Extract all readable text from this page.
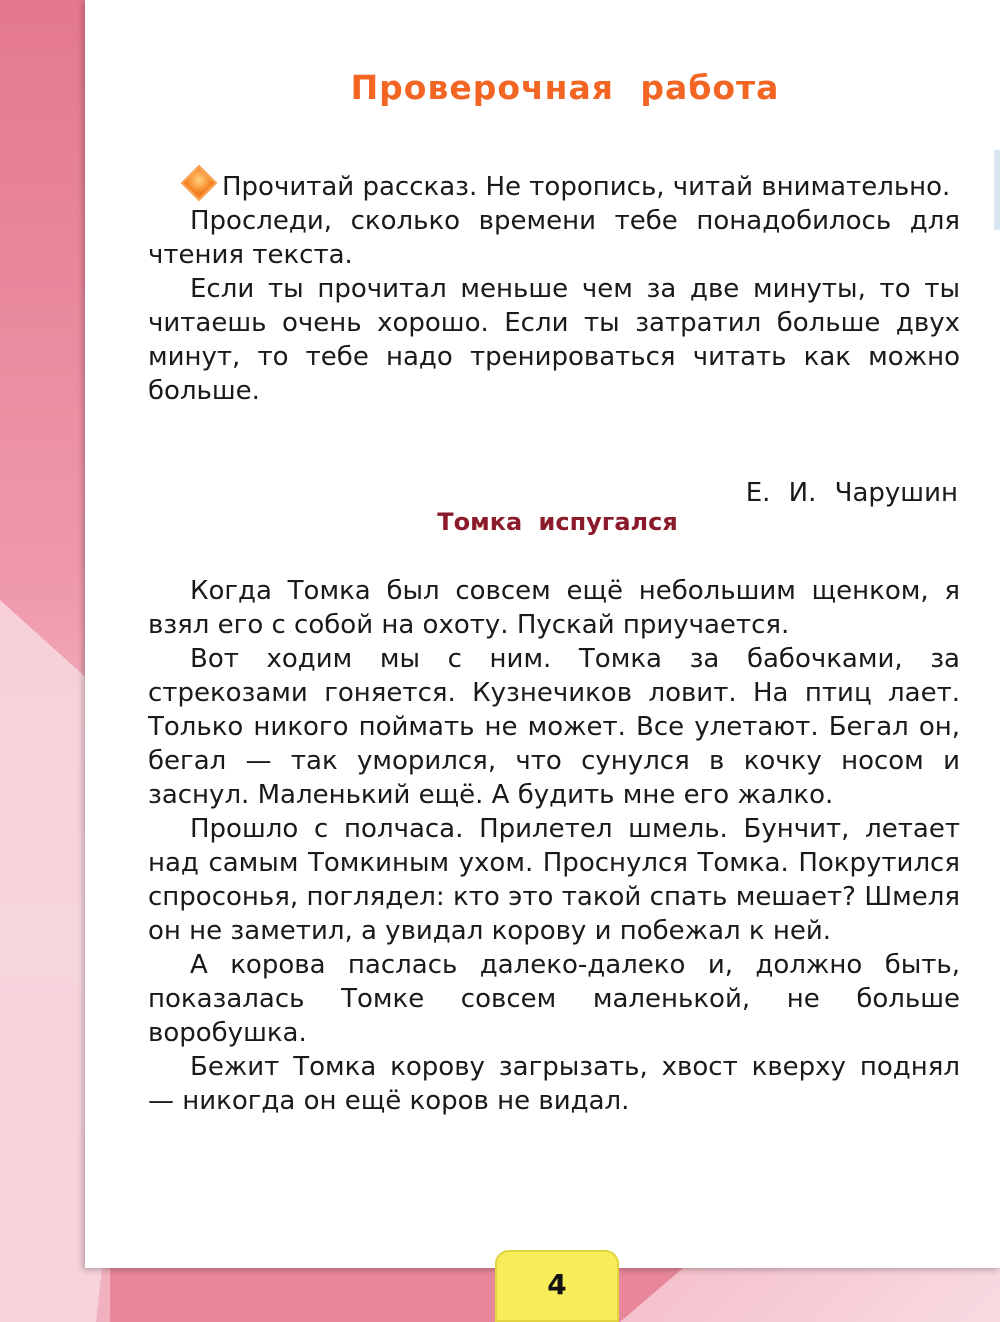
Проверочная работа

Прочитай рассказ. Не торопись, читай внимательно.

Проследи, сколько времени тебе понадобилось для чтения текста.

Если ты прочитал меньше чем за две минуты, то ты читаешь очень хорошо. Если ты затратил больше двух минут, то тебе надо тренироваться читать как можно больше.

Е. И. Чарушин
Томка испугался

Когда Томка был совсем ещё небольшим щенком, я взял его с собой на охоту. Пускай приучается.

Вот ходим мы с ним. Томка за бабочками, за стрекозами гоняется. Кузнечиков ловит. На птиц лает. Только никого поймать не может. Все улетают. Бегал он, бегал — так уморился, что сунулся в кочку носом и заснул. Маленький ещё. А будить мне его жалко.

Прошло с полчаса. Прилетел шмель. Бунчит, летает над самым Томкиным ухом. Проснулся Томка. Покрутился спросонья, поглядел: кто это такой спать мешает? Шмеля он не заметил, а увидал корову и побежал к ней.

А корова паслась далеко-далеко и, должно быть, показалась Томке совсем маленькой, не больше воробушка.

Бежит Томка корову загрызать, хвост кверху поднял — никогда он ещё коров не видал.

4
